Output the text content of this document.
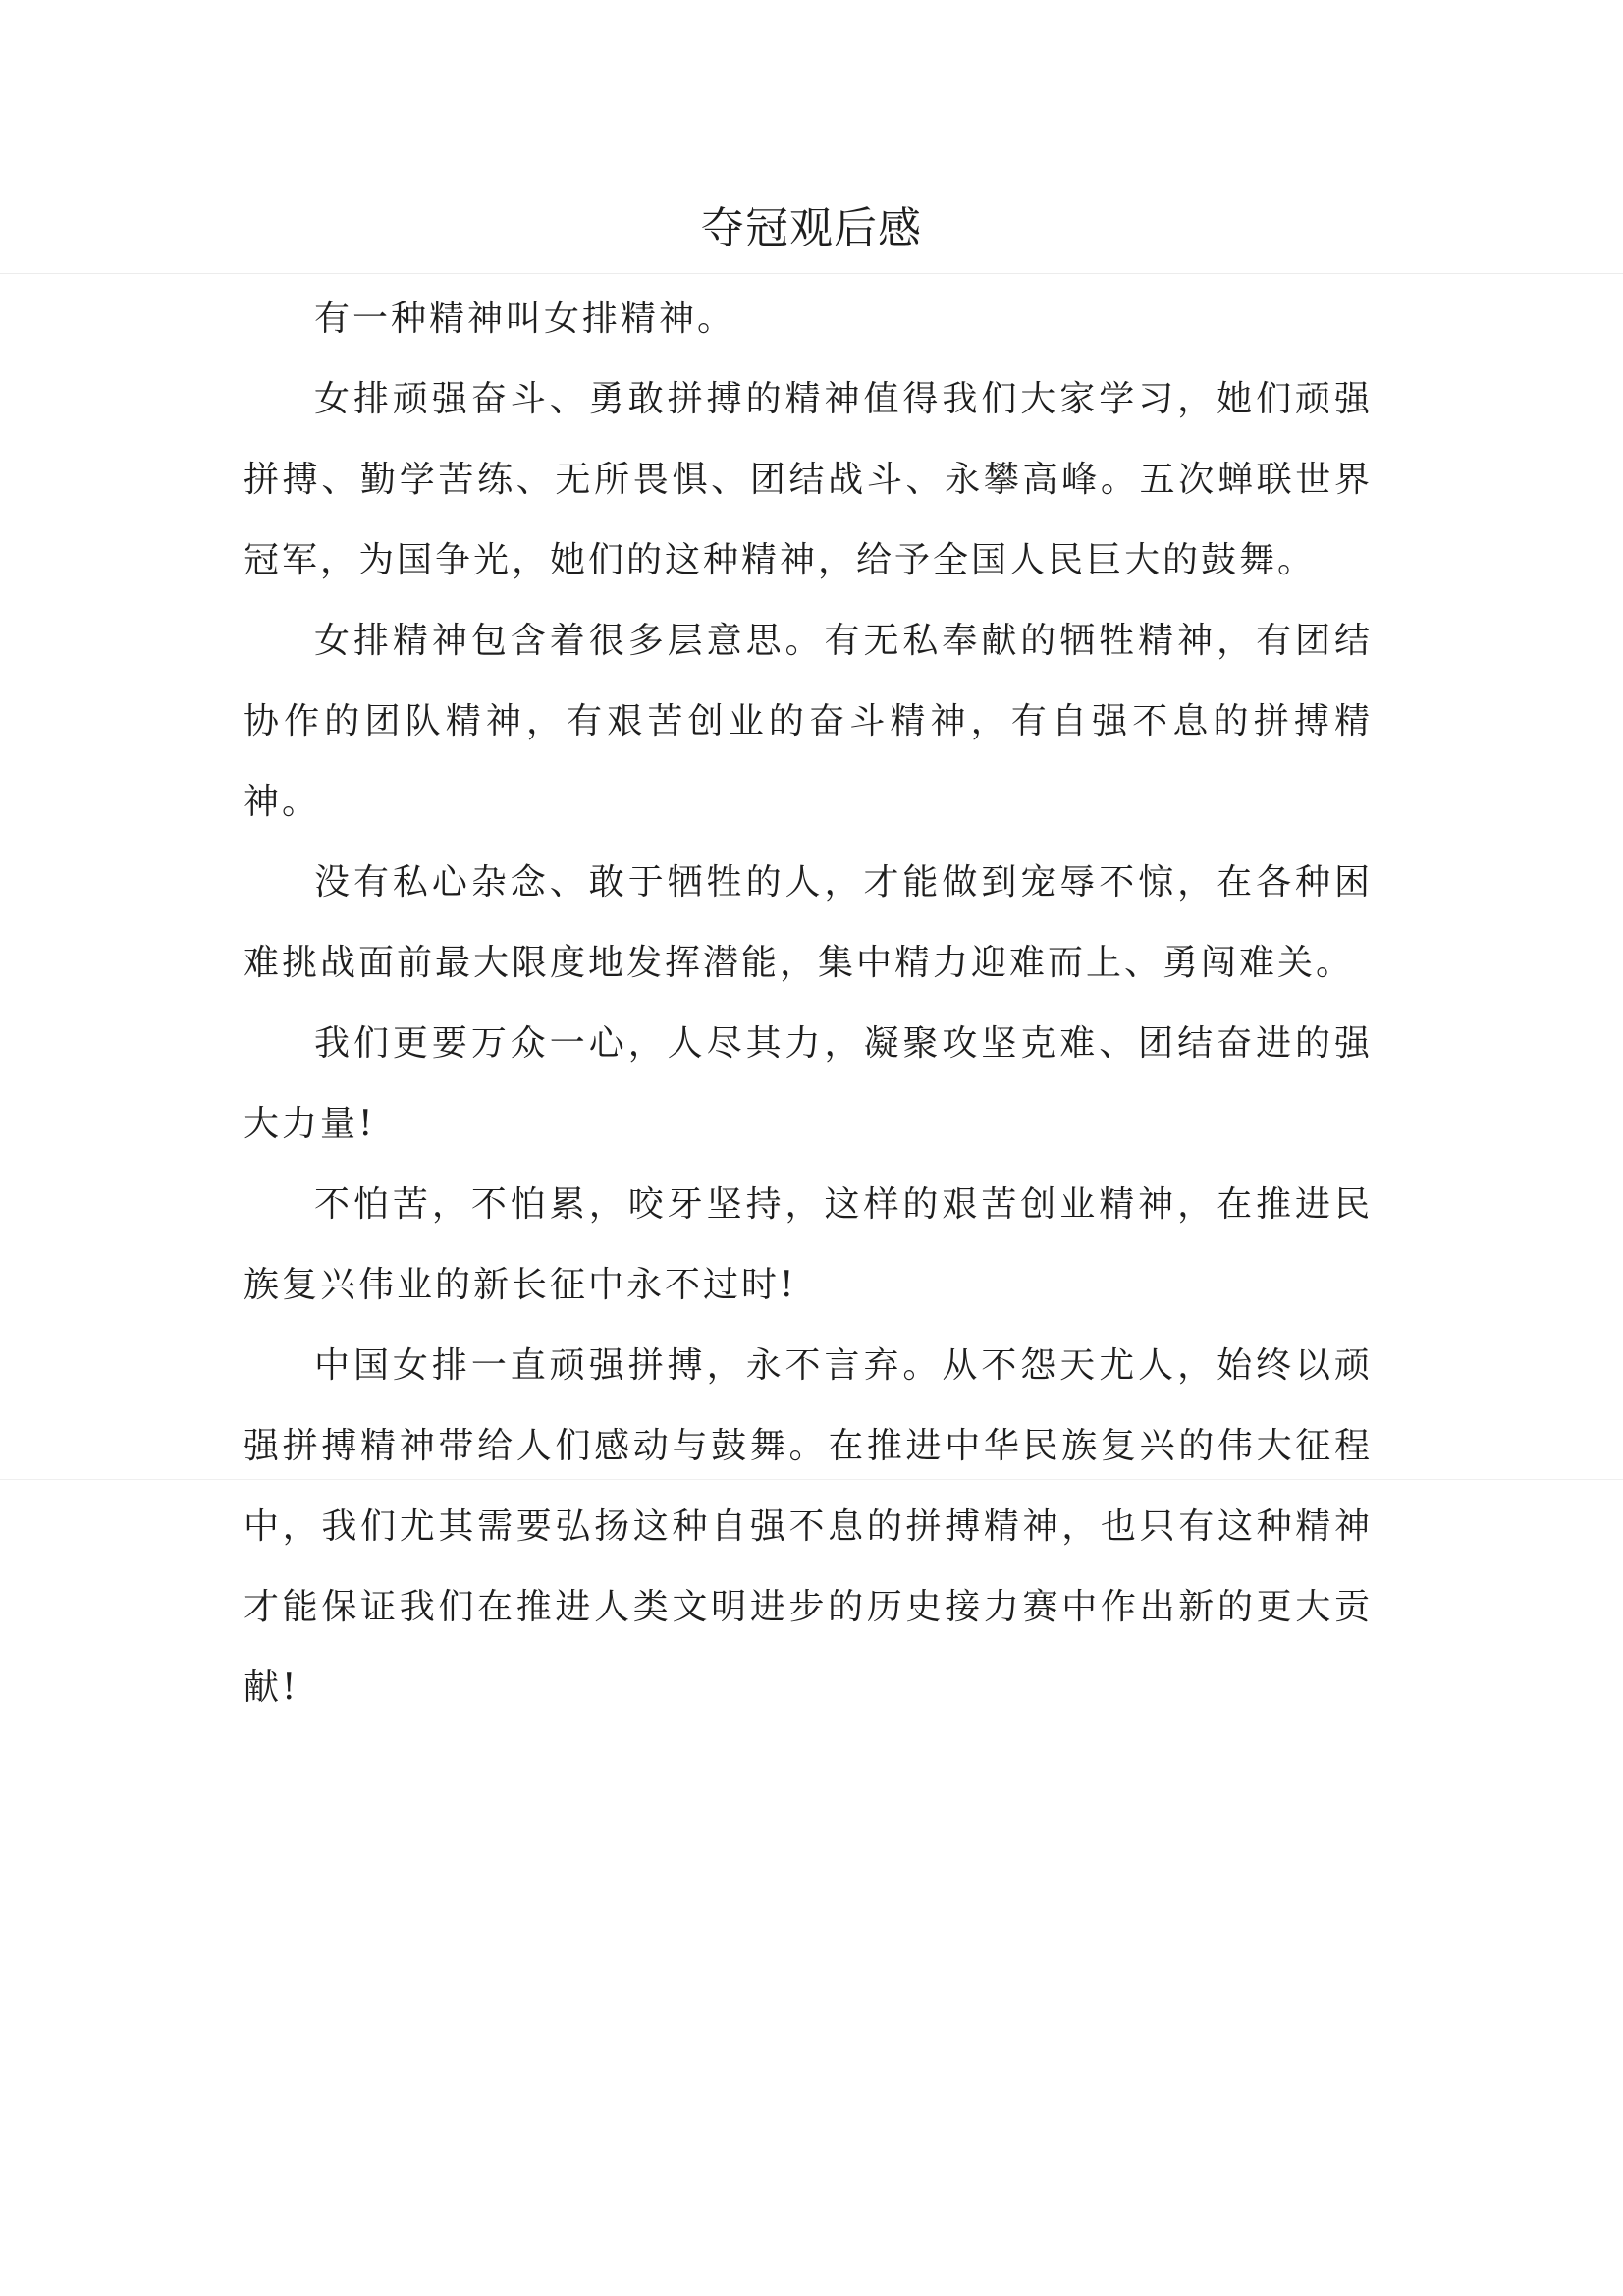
夺冠观后感

有一种精神叫女排精神。

女排顽强奋斗、勇敢拼搏的精神值得我们大家学习，她们顽强拼搏、勤学苦练、无所畏惧、团结战斗、永攀高峰。五次蝉联世界冠军，为国争光，她们的这种精神，给予全国人民巨大的鼓舞。

女排精神包含着很多层意思。有无私奉献的牺牲精神，有团结协作的团队精神，有艰苦创业的奋斗精神，有自强不息的拼搏精神。

没有私心杂念、敢于牺牲的人，才能做到宠辱不惊，在各种困难挑战面前最大限度地发挥潜能，集中精力迎难而上、勇闯难关。

我们更要万众一心，人尽其力，凝聚攻坚克难、团结奋进的强大力量!

不怕苦，不怕累，咬牙坚持，这样的艰苦创业精神，在推进民族复兴伟业的新长征中永不过时!

中国女排一直顽强拼搏，永不言弃。从不怨天尤人，始终以顽强拼搏精神带给人们感动与鼓舞。在推进中华民族复兴的伟大征程中，我们尤其需要弘扬这种自强不息的拼搏精神，也只有这种精神才能保证我们在推进人类文明进步的历史接力赛中作出新的更大贡献!
